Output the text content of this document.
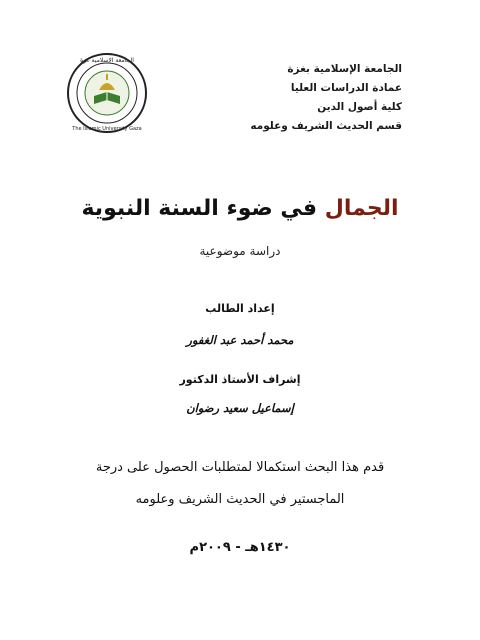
The Islamic University Gaza
الجامعة الإسلامية غزة
الجامعة الإسلامية بغزة
عمادة الدراسات العليا
كلية أصول الدين
قسم الحديث الشريف وعلومه
الجمال في ضوء السنة النبوية
دراسة موضوعية
إعداد الطالب
محمد أحمد عبد الغفور
إشراف الأستاذ الدكتور
إسماعيل سعيد رضوان
قدم هذا البحث استكمالا لمتطلبات الحصول على درجة
الماجستير في الحديث الشريف وعلومه
١٤٣٠هـ - ٢٠٠٩م
